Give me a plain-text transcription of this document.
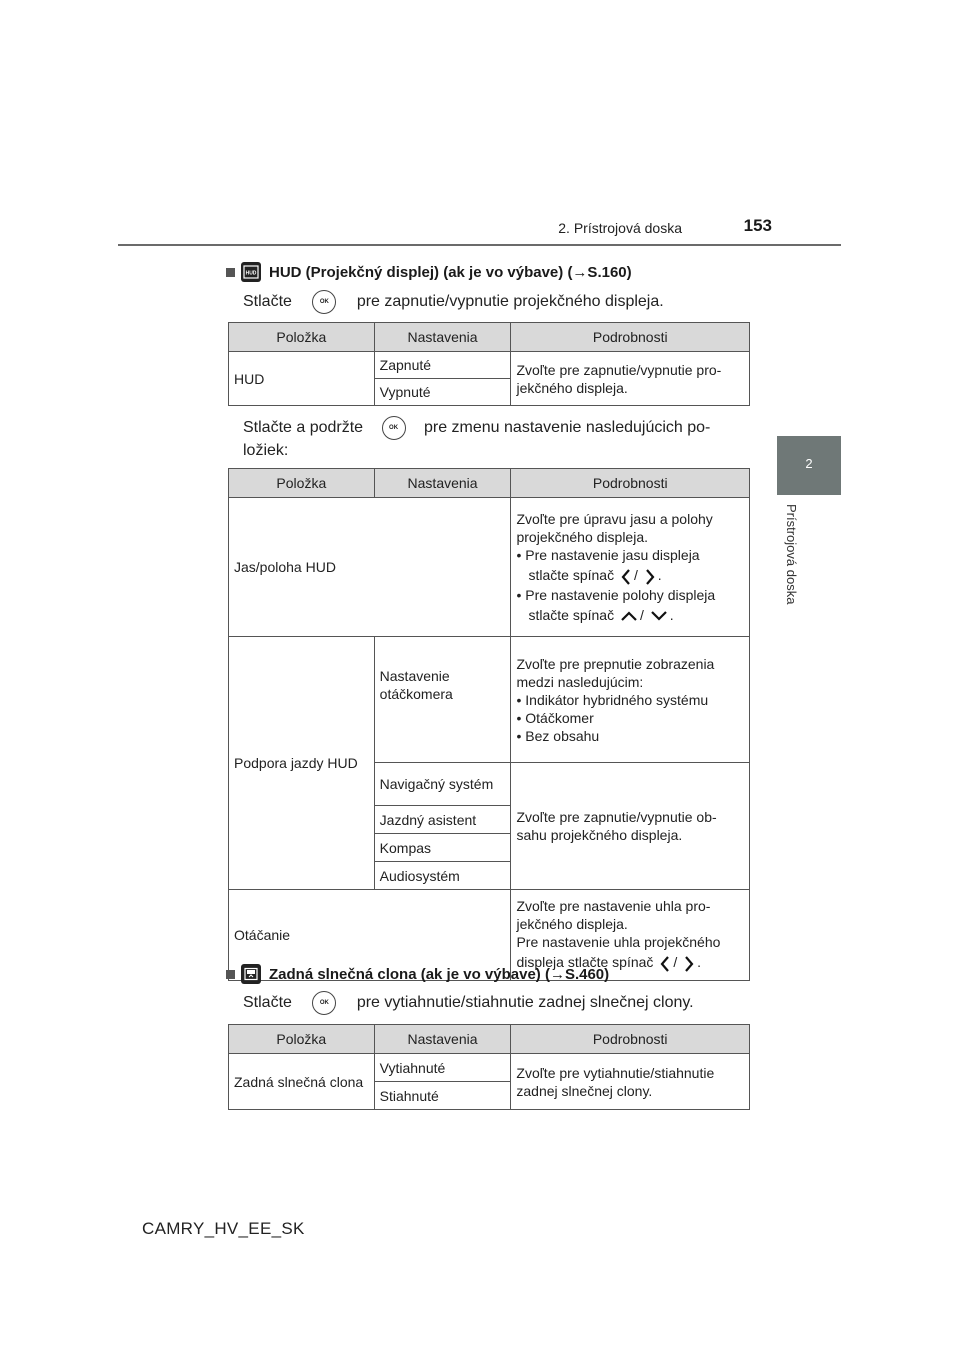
2. Prístrojová doska	153
2
Prístrojová doska
HUD HUD (Projekčný displej) (ak je vo výbave) (→S.160)
Stlačte	OK pre zapnutie/vypnutie projekčného displeja.
Položka	Nastavenia	Podrobnosti
HUD	Zapnuté	Zvoľte pre zapnutie/vypnutie pro-jekčného displeja.
	Vypnuté	
Stlačte a podržte	OK pre zmenu nastavenie nasledujúcich po-ložiek:
Položka	Nastavenia	Podrobnosti
Jas/poloha HUD		Zvoľte pre úpravu jasu a polohy projekčného displeja.
• Pre nastavenie jasu displeja
stlačte spínač / .
• Pre nastavenie polohy displeja
stlačte spínač / .

Podpora jazdy HUD	Nastavenie otáčkomera	Zvoľte pre prepnutie zobrazenia medzi nasledujúcim:
• Indikátor hybridného systému
• Otáčkomer
• Bez obsahu

	Navigačný systém	Zvoľte pre zapnutie/vypnutie ob-sahu projekčného displeja.
	Jazdný asistent	
	Kompas	
	Audiosystém	
Otáčanie		Zvoľte pre nastavenie uhla pro-jekčného displeja.
Pre nastavenie uhla projekčného
displeja stlačte spínač / .
Zadná slnečná clona (ak je vo výbave) (→S.460)
Stlačte	OK pre vytiahnutie/stiahnutie zadnej slnečnej clony.
Položka	Nastavenia	Podrobnosti
Zadná slnečná clona	Vytiahnuté	Zvoľte pre vytiahnutie/stiahnutie zadnej slnečnej clony.
	Stiahnuté	
CAMRY_HV_EE_SK
